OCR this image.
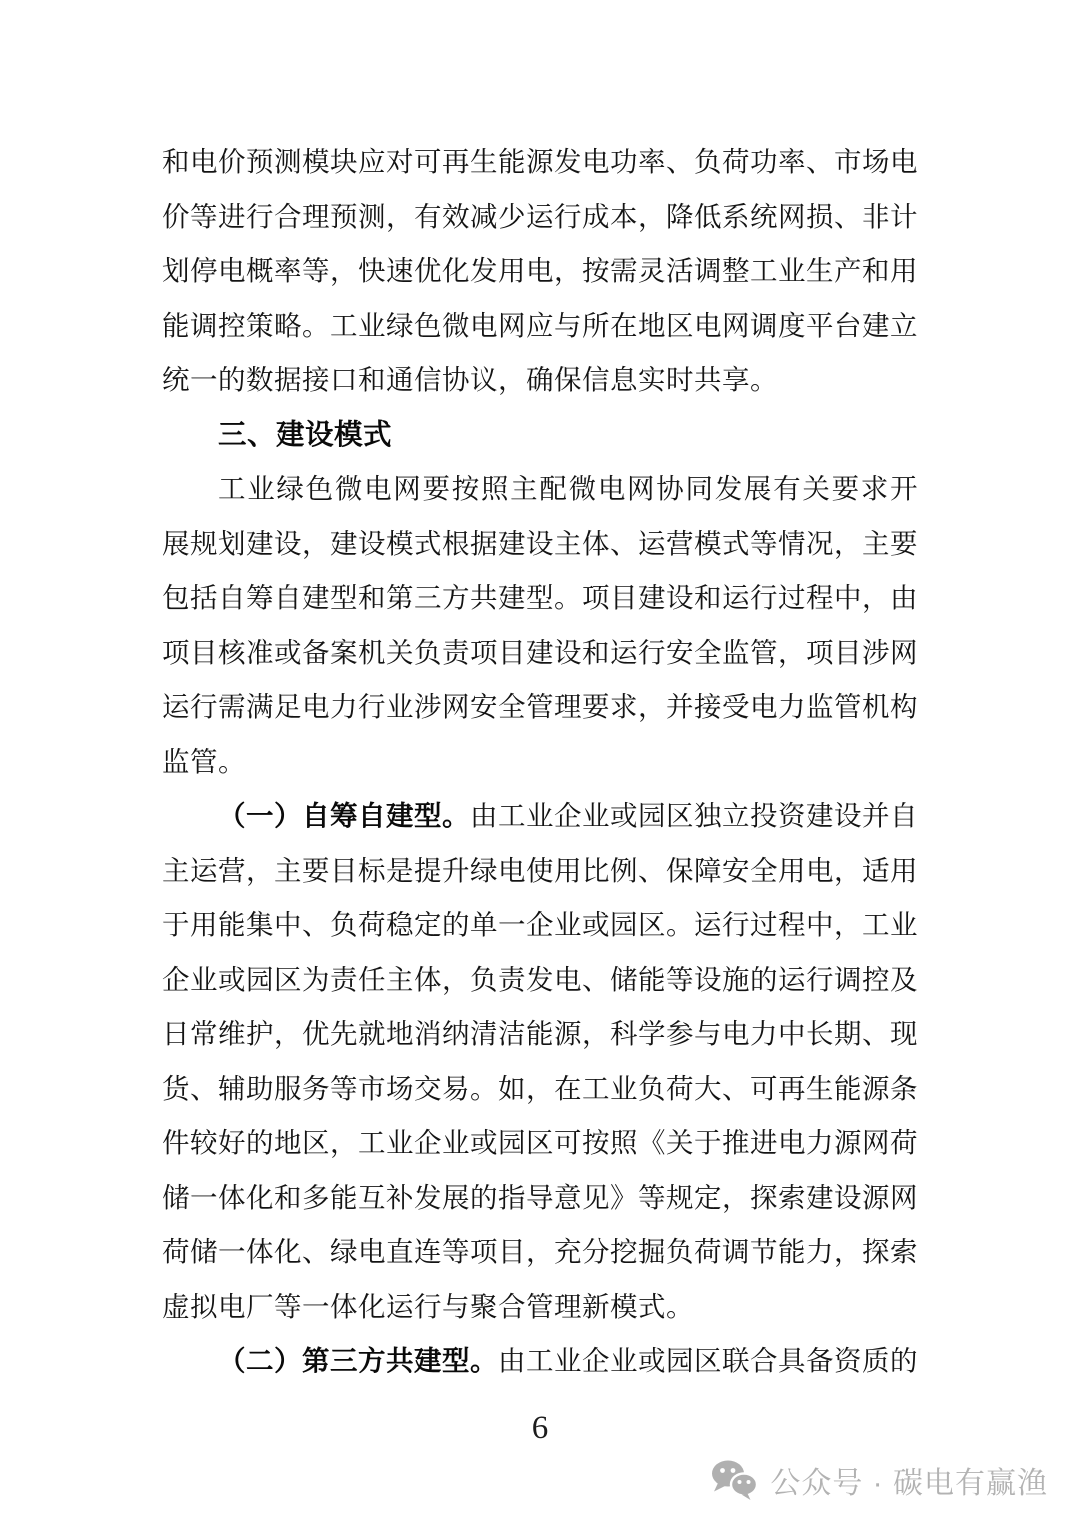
和电价预测模块应对可再生能源发电功率、负荷功率、市场电
价等进行合理预测，有效减少运行成本，降低系统网损、非计
划停电概率等，快速优化发用电，按需灵活调整工业生产和用
能调控策略。工业绿色微电网应与所在地区电网调度平台建立
统一的数据接口和通信协议，确保信息实时共享。
三、建设模式
工业绿色微电网要按照主配微电网协同发展有关要求开
展规划建设，建设模式根据建设主体、运营模式等情况，主要
包括自筹自建型和第三方共建型。项目建设和运行过程中，由
项目核准或备案机关负责项目建设和运行安全监管，项目涉网
运行需满足电力行业涉网安全管理要求，并接受电力监管机构
监管。
（一）自筹自建型。由工业企业或园区独立投资建设并自
主运营，主要目标是提升绿电使用比例、保障安全用电，适用
于用能集中、负荷稳定的单一企业或园区。运行过程中，工业
企业或园区为责任主体，负责发电、储能等设施的运行调控及
日常维护，优先就地消纳清洁能源，科学参与电力中长期、现
货、辅助服务等市场交易。如，在工业负荷大、可再生能源条
件较好的地区，工业企业或园区可按照《关于推进电力源网荷
储一体化和多能互补发展的指导意见》等规定，探索建设源网
荷储一体化、绿电直连等项目，充分挖掘负荷调节能力，探索
虚拟电厂等一体化运行与聚合管理新模式。
（二）第三方共建型。由工业企业或园区联合具备资质的
6
公众号 · 碳电有赢渔
